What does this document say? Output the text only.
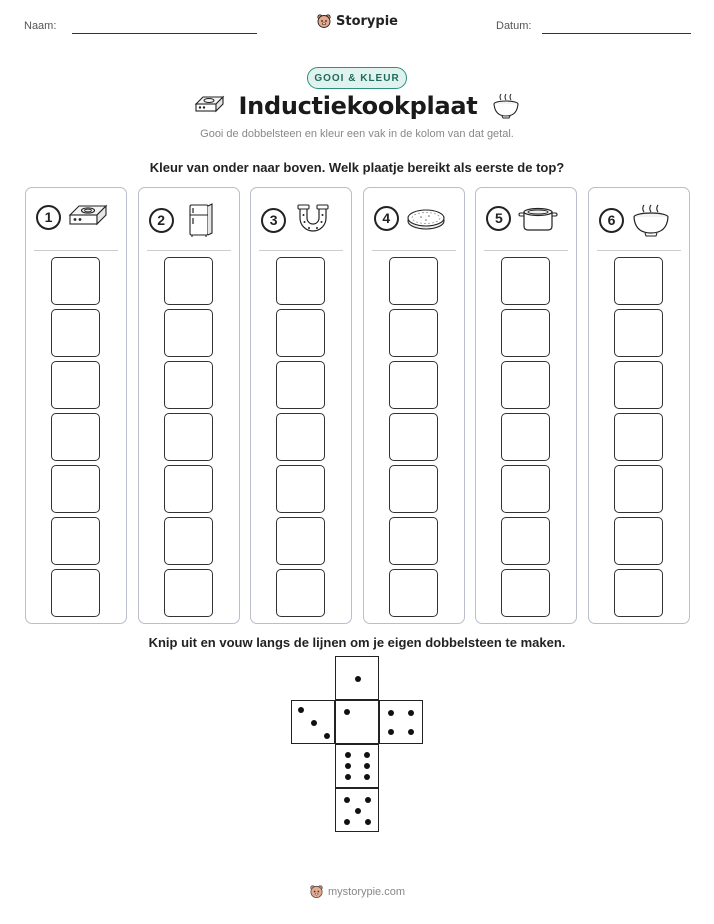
Naam:	Storypie	Datum:
GOOI & KLEUR
Inductiekookplaat
Gooi de dobbelsteen en kleur een vak in de kolom van dat getal.
Kleur van onder naar boven. Welk plaatje bereikt als eerste de top?
1	2	3	4	5	6
Knip uit en vouw langs de lijnen om je eigen dobbelsteen te maken.
mystorypie.com
